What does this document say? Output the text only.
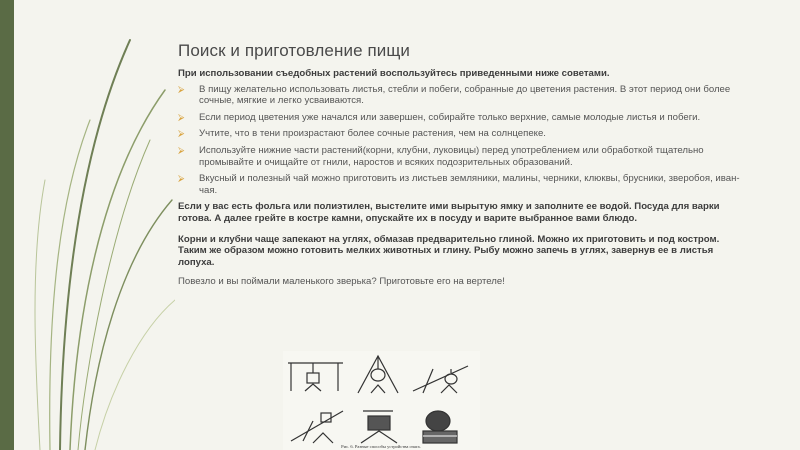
Поиск и приготовление пищи

При использовании съедобных растений воспользуйтесь приведенными ниже советами.

⮚ В пищу желательно использовать листья, стебли и побеги, собранные до цветения растения. В этот период они более сочные, мягкие и легко усваиваются.
⮚ Если период цветения уже начался или завершен, собирайте только верхние, самые молодые листья и побеги.
⮚ Учтите, что в тени произрастают более сочные растения, чем на солнцепеке.
⮚ Используйте нижние части растений(корни, клубни, луковицы) перед употреблением или обработкой тщательно промывайте и очищайте от гнили, наростов и всяких подозрительных образований.
⮚ Вкусный и полезный чай можно приготовить из листьев земляники, малины, черники, клюквы, брусники, зверобоя, иван-чая.

Если у вас есть фольга или полиэтилен, выстелите ими вырытую ямку и заполните ее водой. Посуда для варки готова. А далее грейте в костре камни, опускайте их в посуду и варите выбранное вами блюдо.

Корни и клубни чаще запекают на углях, обмазав предварительно глиной. Можно их приготовить и под костром. Таким же образом можно готовить мелких животных и глину. Рыбу можно запечь в углях, завернув ее в листья лопуха.

Повезло и вы поймали маленького зверька? Приготовьте его на вертеле!

Рис. 6. Разные способы устройства очага.
